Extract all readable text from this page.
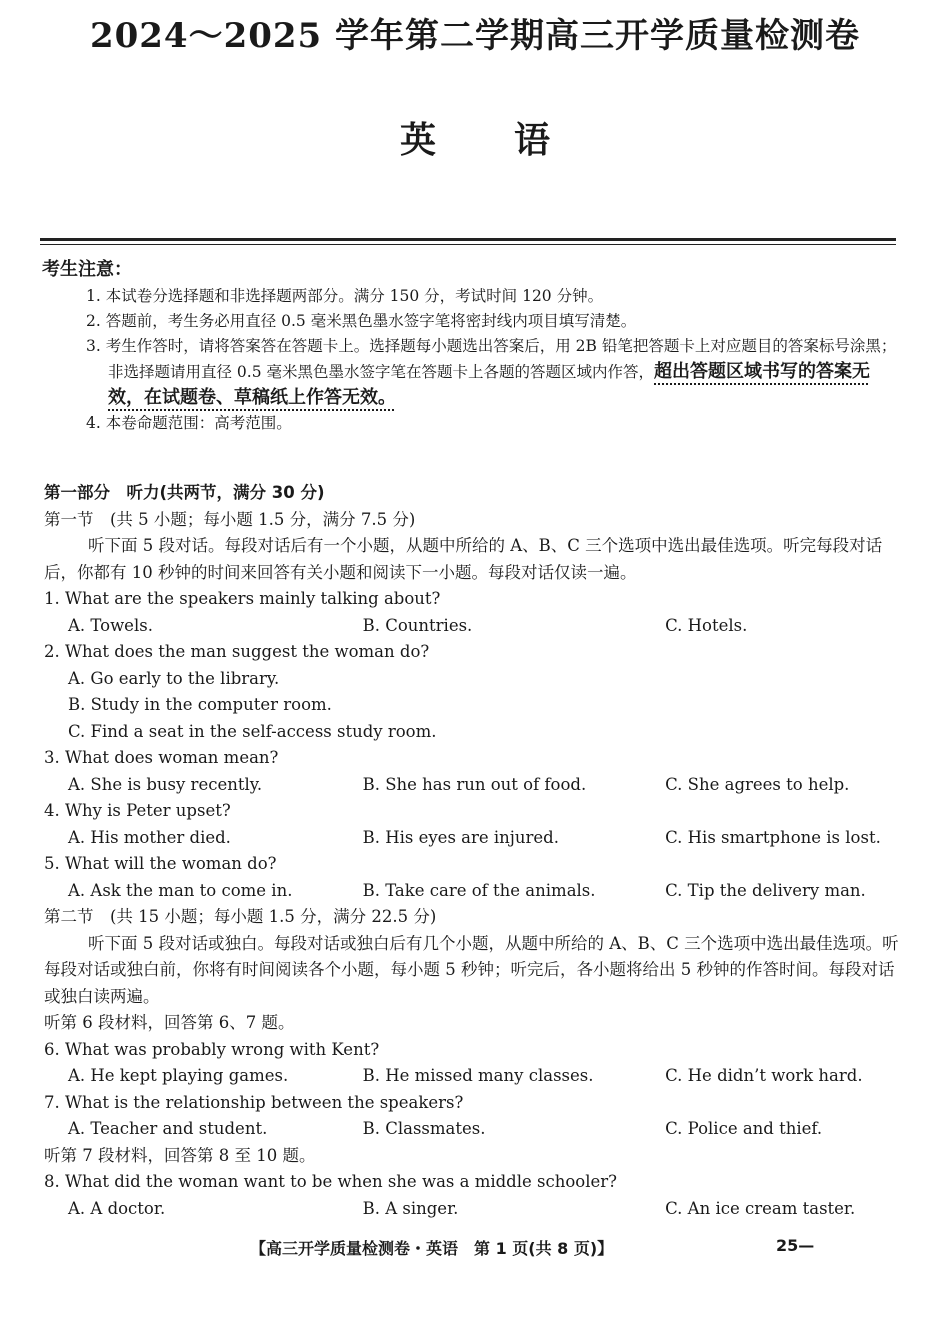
2024～2025 学年第二学期高三开学质量检测卷
英语
考生注意：

1. 本试卷分选择题和非选择题两部分。满分 150 分，考试时间 120 分钟。

2. 答题前，考生务必用直径 0.5 毫米黑色墨水签字笔将密封线内项目填写清楚。

3. 考生作答时，请将答案答在答题卡上。选择题每小题选出答案后，用 2B 铅笔把答题卡上对应题目的答案标号涂黑；非选择题请用直径 0.5 毫米黑色墨水签字笔在答题卡上各题的答题区域内作答，超出答题区域书写的答案无效，在试题卷、草稿纸上作答无效。

4. 本卷命题范围：高考范围。

第一部分　听力(共两节，满分 30 分)

第一节　(共 5 小题；每小题 1.5 分，满分 7.5 分)

听下面 5 段对话。每段对话后有一个小题，从题中所给的 A、B、C 三个选项中选出最佳选项。听完每段对话后，你都有 10 秒钟的时间来回答有关小题和阅读下一小题。每段对话仅读一遍。

1. What are the speakers mainly talking about?

A. Towels.	B. Countries.	C. Hotels.

2. What does the man suggest the woman do?

A. Go early to the library.

B. Study in the computer room.

C. Find a seat in the self-access study room.

3. What does woman mean?

A. She is busy recently.	B. She has run out of food.	C. She agrees to help.

4. Why is Peter upset?

A. His mother died.	B. His eyes are injured.	C. His smartphone is lost.

5. What will the woman do?

A. Ask the man to come in.	B. Take care of the animals.	C. Tip the delivery man.

第二节　(共 15 小题；每小题 1.5 分，满分 22.5 分)

听下面 5 段对话或独白。每段对话或独白后有几个小题，从题中所给的 A、B、C 三个选项中选出最佳选项。听每段对话或独白前，你将有时间阅读各个小题，每小题 5 秒钟；听完后，各小题将给出 5 秒钟的作答时间。每段对话或独白读两遍。

听第 6 段材料，回答第 6、7 题。

6. What was probably wrong with Kent?

A. He kept playing games.	B. He missed many classes.	C. He didn’t work hard.

7. What is the relationship between the speakers?

A. Teacher and student.	B. Classmates.	C. Police and thief.

听第 7 段材料，回答第 8 至 10 题。

8. What did the woman want to be when she was a middle schooler?

A. A doctor.	B. A singer.	C. An ice cream taster.
【高三开学质量检测卷・英语　第 1 页(共 8 页)】	25—
